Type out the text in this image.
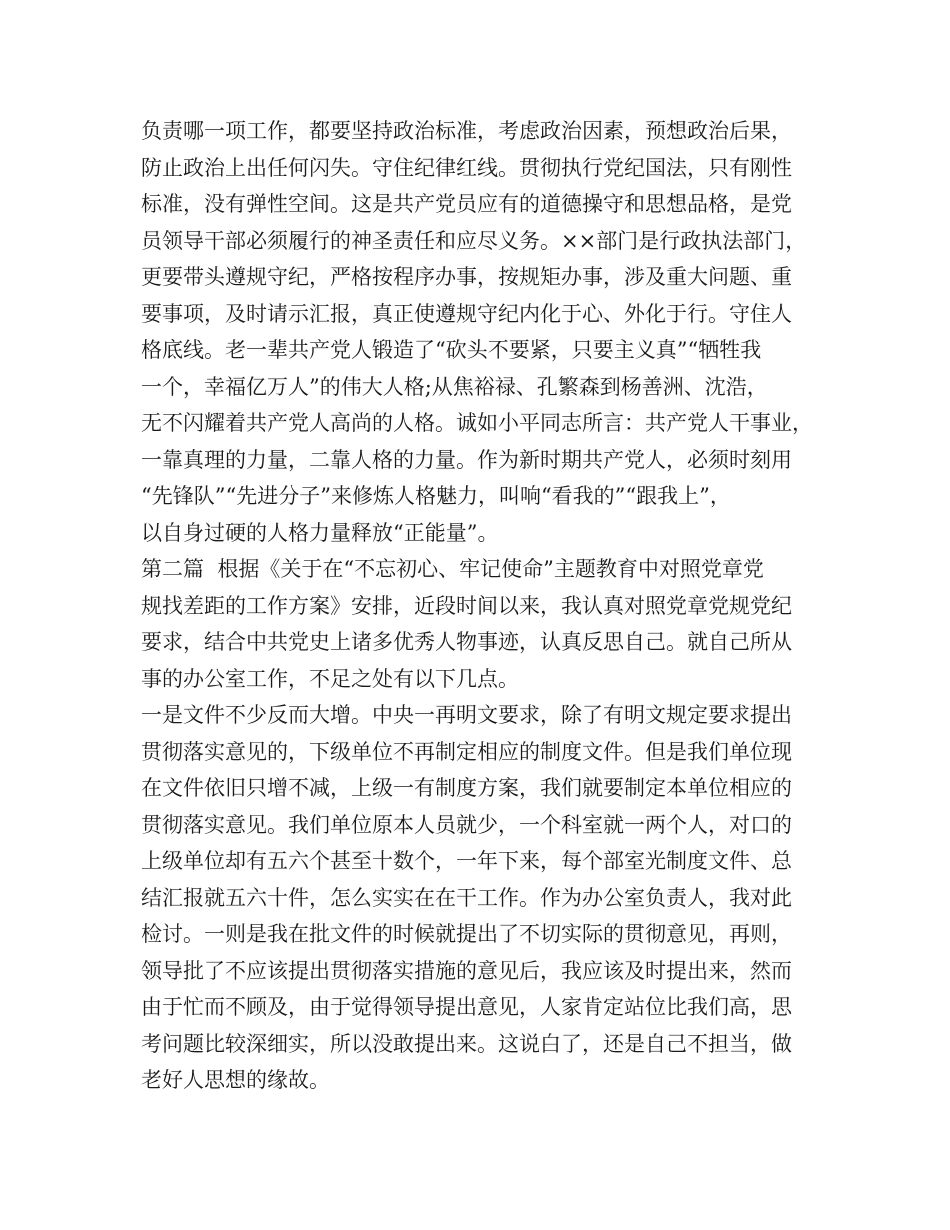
负责哪一项工作，都要坚持政治标准，考虑政治因素，预想政治后果，
防止政治上出任何闪失。守住纪律红线。贯彻执行党纪国法，只有刚性
标准，没有弹性空间。这是共产党员应有的道德操守和思想品格，是党
员领导干部必须履行的神圣责任和应尽义务。××部门是行政执法部门，
更要带头遵规守纪，严格按程序办事，按规矩办事，涉及重大问题、重
要事项，及时请示汇报，真正使遵规守纪内化于心、外化于行。守住人
格底线。老一辈共产党人锻造了“砍头不要紧，只要主义真”“牺牲我
一个，幸福亿万人”的伟大人格;从焦裕禄、孔繁森到杨善洲、沈浩，
无不闪耀着共产党人高尚的人格。诚如小平同志所言：共产党人干事业，
一靠真理的力量，二靠人格的力量。作为新时期共产党人，必须时刻用
“先锋队”“先进分子”来修炼人格魅力，叫响“看我的”“跟我上”，
以自身过硬的人格力量释放“正能量”。
第二篇  根据《关于在“不忘初心、牢记使命”主题教育中对照党章党
规找差距的工作方案》安排，近段时间以来，我认真对照党章党规党纪
要求，结合中共党史上诸多优秀人物事迹，认真反思自己。就自己所从
事的办公室工作，不足之处有以下几点。
一是文件不少反而大增。中央一再明文要求，除了有明文规定要求提出
贯彻落实意见的，下级单位不再制定相应的制度文件。但是我们单位现
在文件依旧只增不减，上级一有制度方案，我们就要制定本单位相应的
贯彻落实意见。我们单位原本人员就少，一个科室就一两个人，对口的
上级单位却有五六个甚至十数个，一年下来，每个部室光制度文件、总
结汇报就五六十件，怎么实实在在干工作。作为办公室负责人，我对此
检讨。一则是我在批文件的时候就提出了不切实际的贯彻意见，再则，
领导批了不应该提出贯彻落实措施的意见后，我应该及时提出来，然而
由于忙而不顾及，由于觉得领导提出意见，人家肯定站位比我们高，思
考问题比较深细实，所以没敢提出来。这说白了，还是自己不担当，做
老好人思想的缘故。
